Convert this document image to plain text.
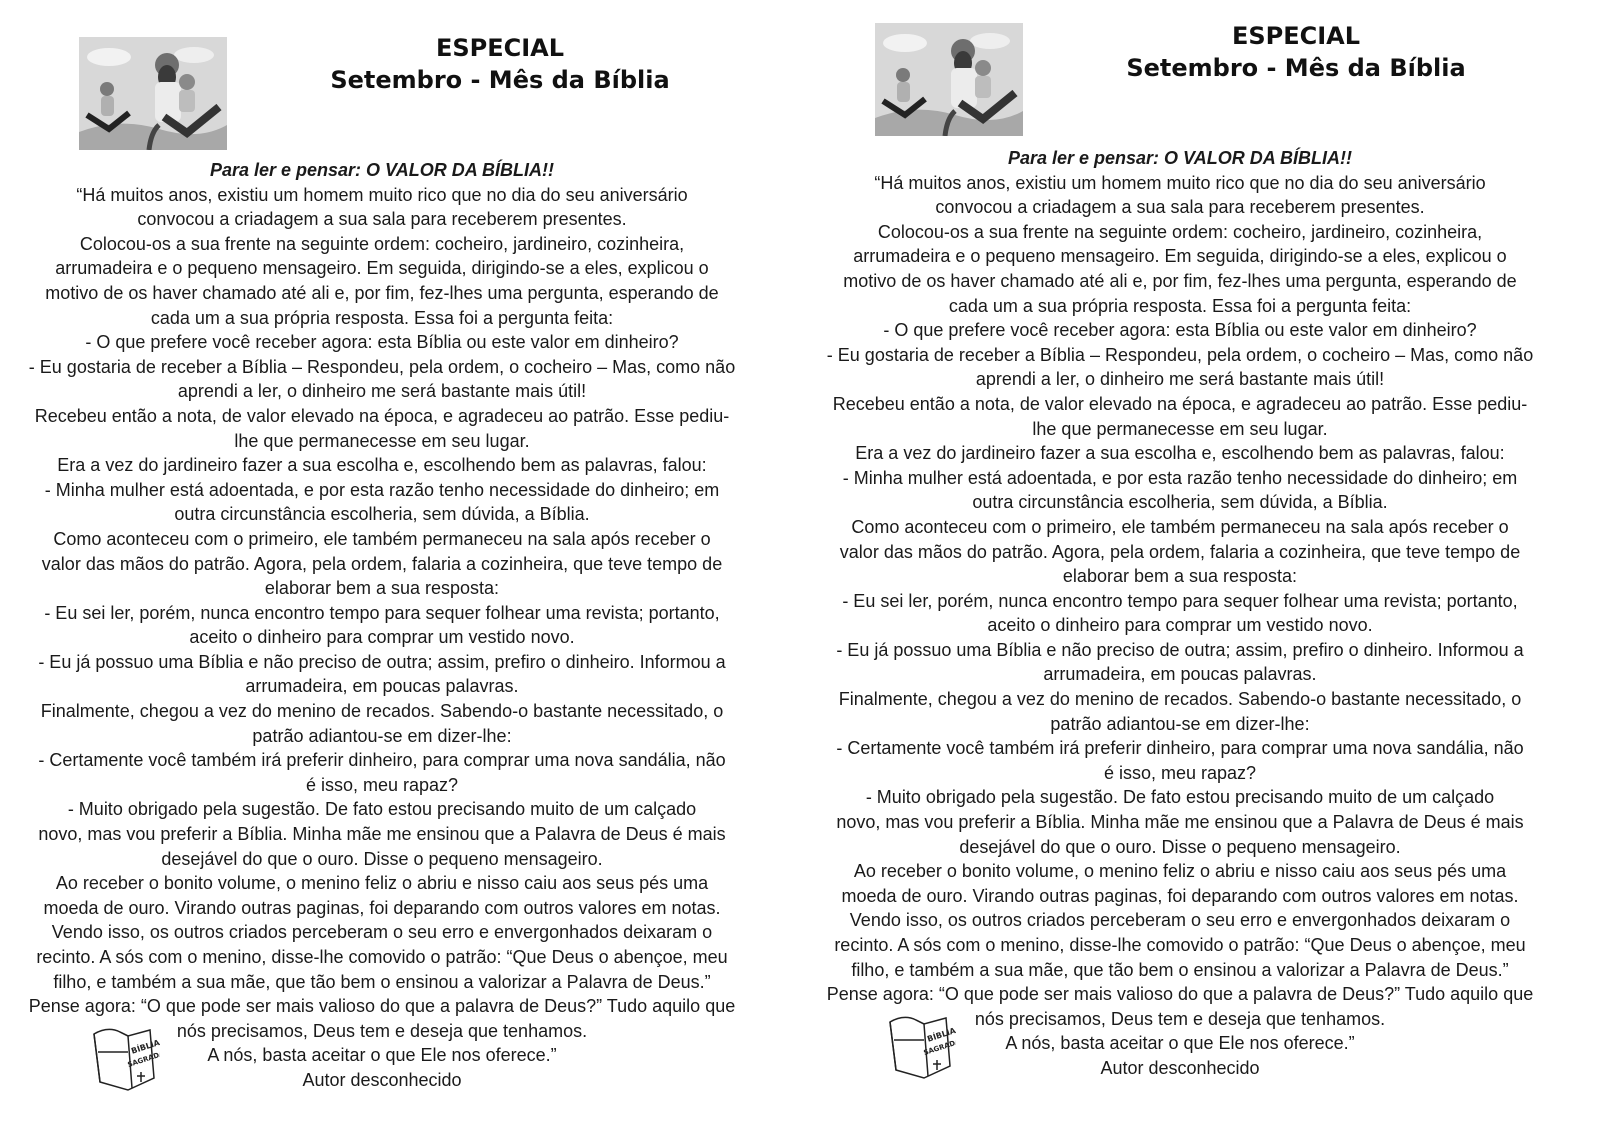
ESPECIAL
Setembro - Mês da Bíblia
Para ler e pensar: O VALOR DA BÍBLIA!!
“Há muitos anos, existiu um homem muito rico que no dia do seu aniversário
convocou a criadagem a sua sala para receberem presentes.
Colocou-os a sua frente na seguinte ordem: cocheiro, jardineiro, cozinheira,
arrumadeira e o pequeno mensageiro. Em seguida, dirigindo-se a eles, explicou o
motivo de os haver chamado até ali e, por fim, fez-lhes uma pergunta, esperando de
cada um a sua própria resposta. Essa foi a pergunta feita:
- O que prefere você receber agora: esta Bíblia ou este valor em dinheiro?
- Eu gostaria de receber a Bíblia – Respondeu, pela ordem, o cocheiro – Mas, como não
aprendi a ler, o dinheiro me será bastante mais útil!
Recebeu então a nota, de valor elevado na época, e agradeceu ao patrão. Esse pediu-
lhe que permanecesse em seu lugar.
Era a vez do jardineiro fazer a sua escolha e, escolhendo bem as palavras, falou:
- Minha mulher está adoentada, e por esta razão tenho necessidade do dinheiro; em
outra circunstância escolheria, sem dúvida, a Bíblia.
Como aconteceu com o primeiro, ele também permaneceu na sala após receber o
valor das mãos do patrão. Agora, pela ordem, falaria a cozinheira, que teve tempo de
elaborar bem a sua resposta:
- Eu sei ler, porém, nunca encontro tempo para sequer folhear uma revista; portanto,
aceito o dinheiro para comprar um vestido novo.
- Eu já possuo uma Bíblia e não preciso de outra; assim, prefiro o dinheiro. Informou a
arrumadeira, em poucas palavras.
Finalmente, chegou a vez do menino de recados. Sabendo-o bastante necessitado, o
patrão adiantou-se em dizer-lhe:
- Certamente você também irá preferir dinheiro, para comprar uma nova sandália, não
é isso, meu rapaz?
- Muito obrigado pela sugestão. De fato estou precisando muito de um calçado
novo, mas vou preferir a Bíblia. Minha mãe me ensinou que a Palavra de Deus é mais
desejável do que o ouro. Disse o pequeno mensageiro.
Ao receber o bonito volume, o menino feliz o abriu e nisso caiu aos seus pés uma
moeda de ouro. Virando outras paginas, foi deparando com outros valores em notas.
Vendo isso, os outros criados perceberam o seu erro e envergonhados deixaram o
recinto. A sós com o menino, disse-lhe comovido o patrão: “Que Deus o abençoe, meu
filho, e também a sua mãe, que tão bem o ensinou a valorizar a Palavra de Deus.”
Pense agora: “O que pode ser mais valioso do que a palavra de Deus?” Tudo aquilo que
nós precisamos, Deus tem e deseja que tenhamos.
A nós, basta aceitar o que Ele nos oferece.”
Autor desconhecido
BÍBLIA
SAGRADA
ESPECIAL
Setembro - Mês da Bíblia
Para ler e pensar: O VALOR DA BÍBLIA!!
“Há muitos anos, existiu um homem muito rico que no dia do seu aniversário
convocou a criadagem a sua sala para receberem presentes.
Colocou-os a sua frente na seguinte ordem: cocheiro, jardineiro, cozinheira,
arrumadeira e o pequeno mensageiro. Em seguida, dirigindo-se a eles, explicou o
motivo de os haver chamado até ali e, por fim, fez-lhes uma pergunta, esperando de
cada um a sua própria resposta. Essa foi a pergunta feita:
- O que prefere você receber agora: esta Bíblia ou este valor em dinheiro?
- Eu gostaria de receber a Bíblia – Respondeu, pela ordem, o cocheiro – Mas, como não
aprendi a ler, o dinheiro me será bastante mais útil!
Recebeu então a nota, de valor elevado na época, e agradeceu ao patrão. Esse pediu-
lhe que permanecesse em seu lugar.
Era a vez do jardineiro fazer a sua escolha e, escolhendo bem as palavras, falou:
- Minha mulher está adoentada, e por esta razão tenho necessidade do dinheiro; em
outra circunstância escolheria, sem dúvida, a Bíblia.
Como aconteceu com o primeiro, ele também permaneceu na sala após receber o
valor das mãos do patrão. Agora, pela ordem, falaria a cozinheira, que teve tempo de
elaborar bem a sua resposta:
- Eu sei ler, porém, nunca encontro tempo para sequer folhear uma revista; portanto,
aceito o dinheiro para comprar um vestido novo.
- Eu já possuo uma Bíblia e não preciso de outra; assim, prefiro o dinheiro. Informou a
arrumadeira, em poucas palavras.
Finalmente, chegou a vez do menino de recados. Sabendo-o bastante necessitado, o
patrão adiantou-se em dizer-lhe:
- Certamente você também irá preferir dinheiro, para comprar uma nova sandália, não
é isso, meu rapaz?
- Muito obrigado pela sugestão. De fato estou precisando muito de um calçado
novo, mas vou preferir a Bíblia. Minha mãe me ensinou que a Palavra de Deus é mais
desejável do que o ouro. Disse o pequeno mensageiro.
Ao receber o bonito volume, o menino feliz o abriu e nisso caiu aos seus pés uma
moeda de ouro. Virando outras paginas, foi deparando com outros valores em notas.
Vendo isso, os outros criados perceberam o seu erro e envergonhados deixaram o
recinto. A sós com o menino, disse-lhe comovido o patrão: “Que Deus o abençoe, meu
filho, e também a sua mãe, que tão bem o ensinou a valorizar a Palavra de Deus.”
Pense agora: “O que pode ser mais valioso do que a palavra de Deus?” Tudo aquilo que
nós precisamos, Deus tem e deseja que tenhamos.
A nós, basta aceitar o que Ele nos oferece.”
Autor desconhecido
BÍBLIA
SAGRADA
